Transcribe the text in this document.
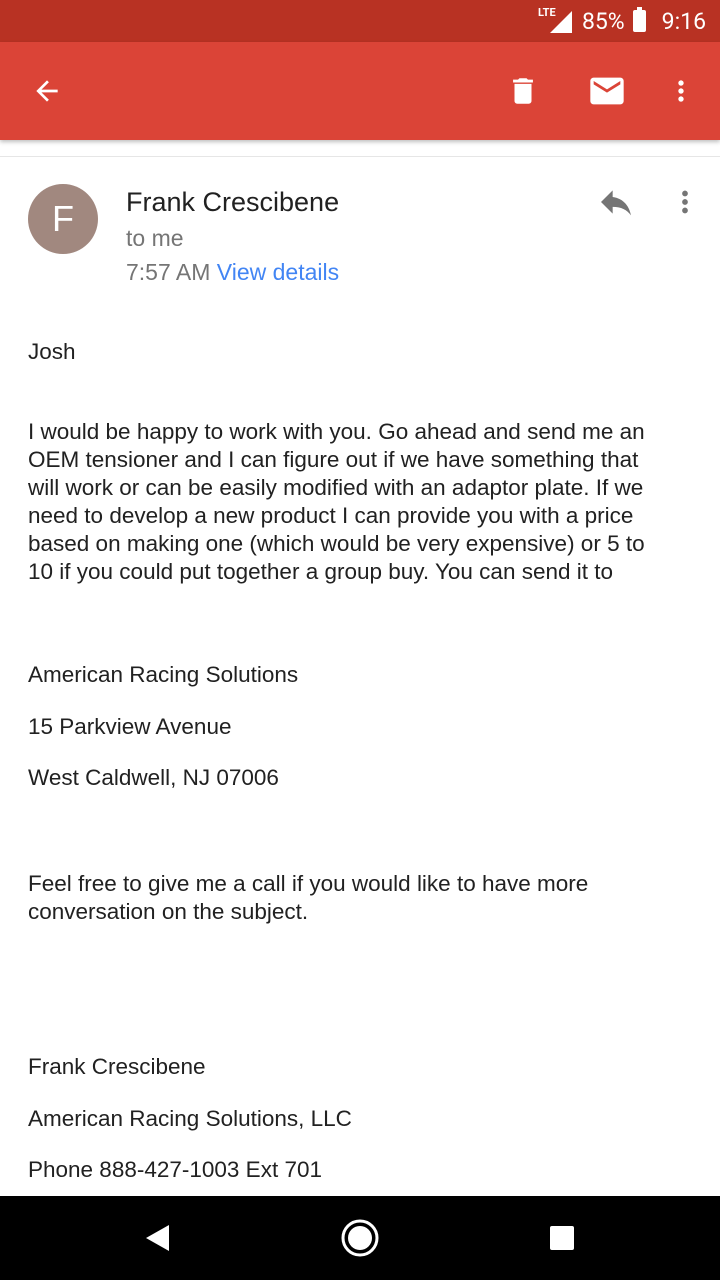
LTE 85% 9:16
F	Frank Crescibene
to me
7:57 AM View details
Josh
I would be happy to work with you. Go ahead and send me an
OEM tensioner and I can figure out if we have something that
will work or can be easily modified with an adaptor plate. If we
need to develop a new product I can provide you with a price
based on making one (which would be very expensive) or 5 to
10 if you could put together a group buy. You can send it to
American Racing Solutions
15 Parkview Avenue
West Caldwell, NJ 07006
Feel free to give me a call if you would like to have more
conversation on the subject.
Frank Crescibene
American Racing Solutions, LLC
Phone 888-427-1003 Ext 701
